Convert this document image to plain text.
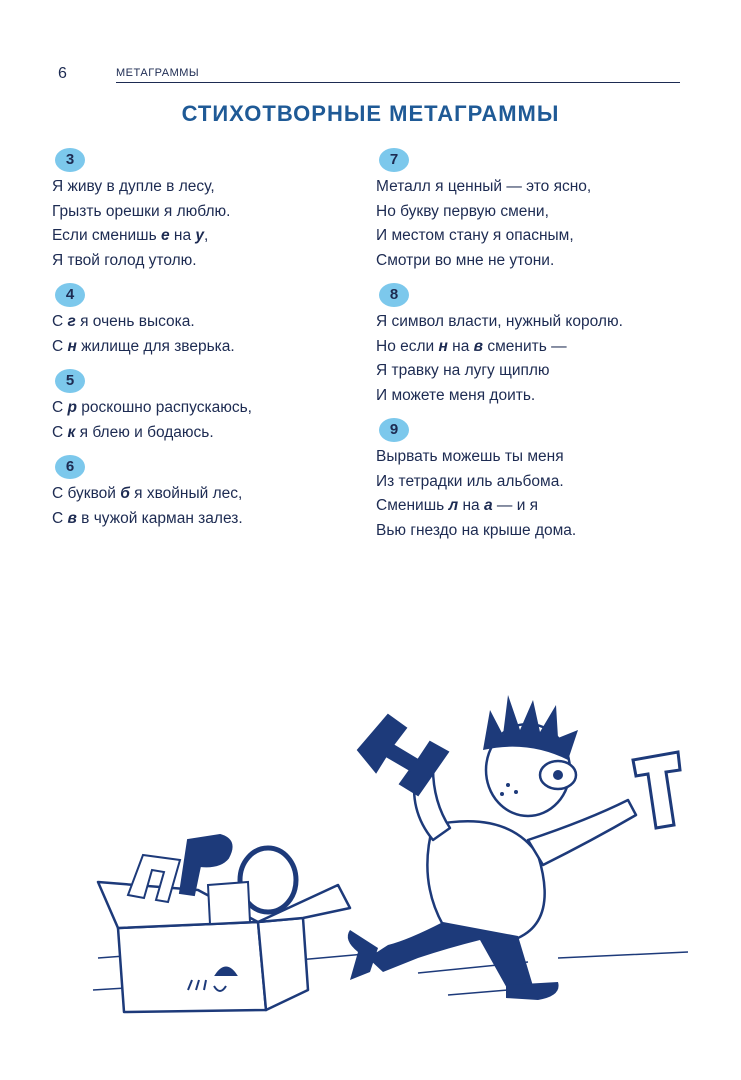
6	МЕТАГРАММЫ
СТИХОТВОРНЫЕ МЕТАГРАММЫ
3
Я живу в дупле в лесу,
Грызть орешки я люблю.
Если сменишь е на у,
Я твой голод утолю.
4
С г я очень высока.
С н жилище для зверька.
5
С р роскошно распускаюсь,
С к я блею и бодаюсь.
6
С буквой б я хвойный лес,
С в в чужой карман залез.
7
Металл я ценный — это ясно,
Но букву первую смени,
И местом стану я опасным,
Смотри во мне не утони.
8
Я символ власти, нужный королю.
Но если н на в сменить —
Я травку на лугу щиплю
И можете меня доить.
9
Вырвать можешь ты меня
Из тетрадки иль альбома.
Сменишь л на а — и я
Вью гнездо на крыше дома.
